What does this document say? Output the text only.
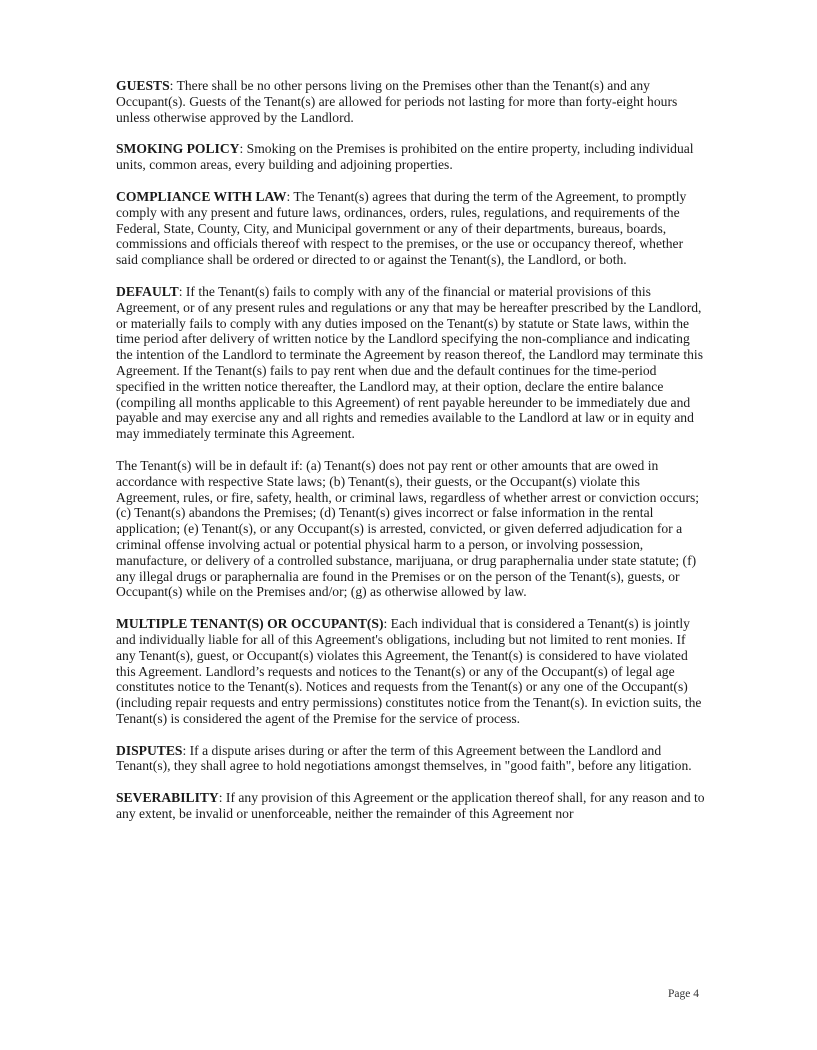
GUESTS: There shall be no other persons living on the Premises other than the Tenant(s) and any Occupant(s). Guests of the Tenant(s) are allowed for periods not lasting for more than forty-eight hours unless otherwise approved by the Landlord.

SMOKING POLICY: Smoking on the Premises is prohibited on the entire property, including individual units, common areas, every building and adjoining properties.

COMPLIANCE WITH LAW: The Tenant(s) agrees that during the term of the Agreement, to promptly comply with any present and future laws, ordinances, orders, rules, regulations, and requirements of the Federal, State, County, City, and Municipal government or any of their departments, bureaus, boards, commissions and officials thereof with respect to the premises, or the use or occupancy thereof, whether said compliance shall be ordered or directed to or against the Tenant(s), the Landlord, or both.

DEFAULT: If the Tenant(s) fails to comply with any of the financial or material provisions of this Agreement, or of any present rules and regulations or any that may be hereafter prescribed by the Landlord, or materially fails to comply with any duties imposed on the Tenant(s) by statute or State laws, within the time period after delivery of written notice by the Landlord specifying the non-compliance and indicating the intention of the Landlord to terminate the Agreement by reason thereof, the Landlord may terminate this Agreement. If the Tenant(s) fails to pay rent when due and the default continues for the time-period specified in the written notice thereafter, the Landlord may, at their option, declare the entire balance (compiling all months applicable to this Agreement) of rent payable hereunder to be immediately due and payable and may exercise any and all rights and remedies available to the Landlord at law or in equity and may immediately terminate this Agreement.

The Tenant(s) will be in default if: (a) Tenant(s) does not pay rent or other amounts that are owed in accordance with respective State laws; (b) Tenant(s), their guests, or the Occupant(s) violate this Agreement, rules, or fire, safety, health, or criminal laws, regardless of whether arrest or conviction occurs; (c) Tenant(s) abandons the Premises; (d) Tenant(s) gives incorrect or false information in the rental application; (e) Tenant(s), or any Occupant(s) is arrested, convicted, or given deferred adjudication for a criminal offense involving actual or potential physical harm to a person, or involving possession, manufacture, or delivery of a controlled substance, marijuana, or drug paraphernalia under state statute; (f) any illegal drugs or paraphernalia are found in the Premises or on the person of the Tenant(s), guests, or Occupant(s) while on the Premises and/or; (g) as otherwise allowed by law.

MULTIPLE TENANT(S) OR OCCUPANT(S): Each individual that is considered a Tenant(s) is jointly and individually liable for all of this Agreement's obligations, including but not limited to rent monies. If any Tenant(s), guest, or Occupant(s) violates this Agreement, the Tenant(s) is considered to have violated this Agreement. Landlord’s requests and notices to the Tenant(s) or any of the Occupant(s) of legal age constitutes notice to the Tenant(s). Notices and requests from the Tenant(s) or any one of the Occupant(s) (including repair requests and entry permissions) constitutes notice from the Tenant(s). In eviction suits, the Tenant(s) is considered the agent of the Premise for the service of process.

DISPUTES: If a dispute arises during or after the term of this Agreement between the Landlord and Tenant(s), they shall agree to hold negotiations amongst themselves, in "good faith", before any litigation.

SEVERABILITY: If any provision of this Agreement or the application thereof shall, for any reason and to any extent, be invalid or unenforceable, neither the remainder of this Agreement nor

Page 4
